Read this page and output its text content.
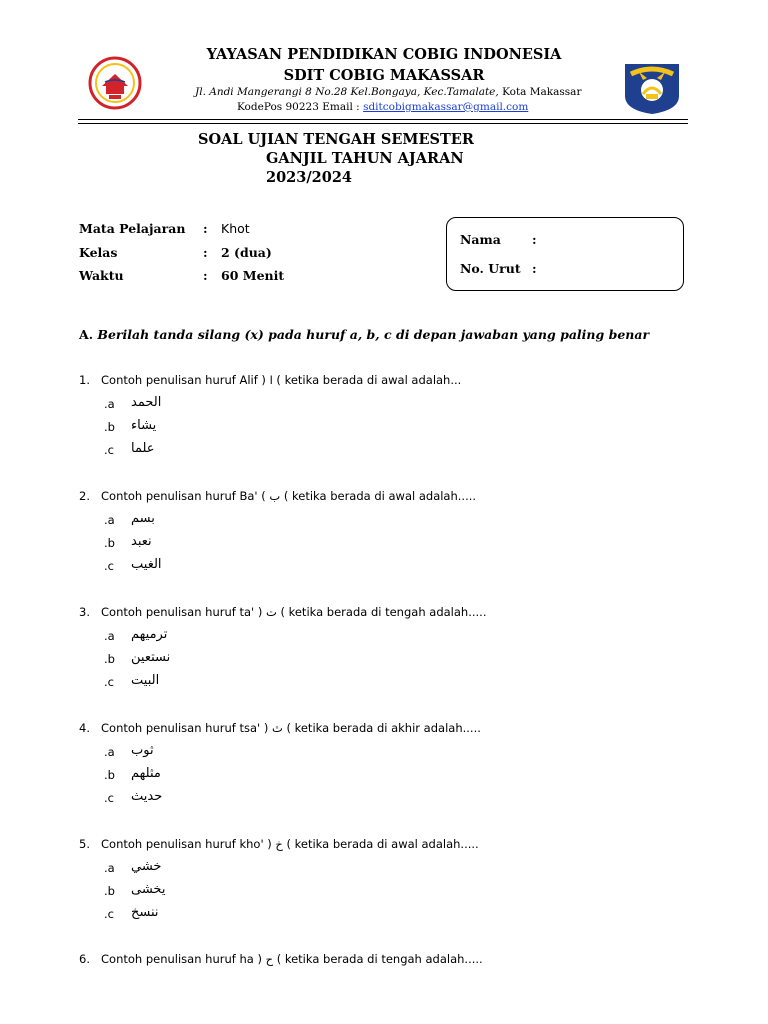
YAYASAN PENDIDIKAN COBIG INDONESIA
SDIT COBIG MAKASSAR
Jl. Andi Mangerangi 8 No.28 Kel.Bongaya, Kec.Tamalate, Kota Makassar
KodePos 90223 Email : sditcobigmakassar@gmail.com
SOAL UJIAN TENGAH SEMESTER
GANJIL TAHUN AJARAN
2023/2024
Mata Pelajaran : Khot
Kelas	: 2 (dua)
Waktu	: 60 Menit
Nama :
No. Urut :
A. Berilah tanda silang (x) pada huruf a, b, c di depan jawaban yang paling benar
1. Contoh penulisan huruf Alif ) ا ( ketika berada di awal adalah...
.a الحمد
.b يشاء
.c علما
2. Contoh penulisan huruf Ba' ( ب ( ketika berada di awal adalah.....
.a بسم
.b نعبد
.c الغيب
3. Contoh penulisan huruf ta' ) ت ( ketika berada di tengah adalah.....
.a ترميهم
.b نستعين
.c البيت
4. Contoh penulisan huruf tsa' ) ث ( ketika berada di akhir adalah.....
.a ثوب
.b مثلهم
.c حديث
5. Contoh penulisan huruf kho' ) خ ( ketika berada di awal adalah.....
.a خشي
.b يخشى
.c ننسخ
6. Contoh penulisan huruf ha ) ح ( ketika berada di tengah adalah.....
